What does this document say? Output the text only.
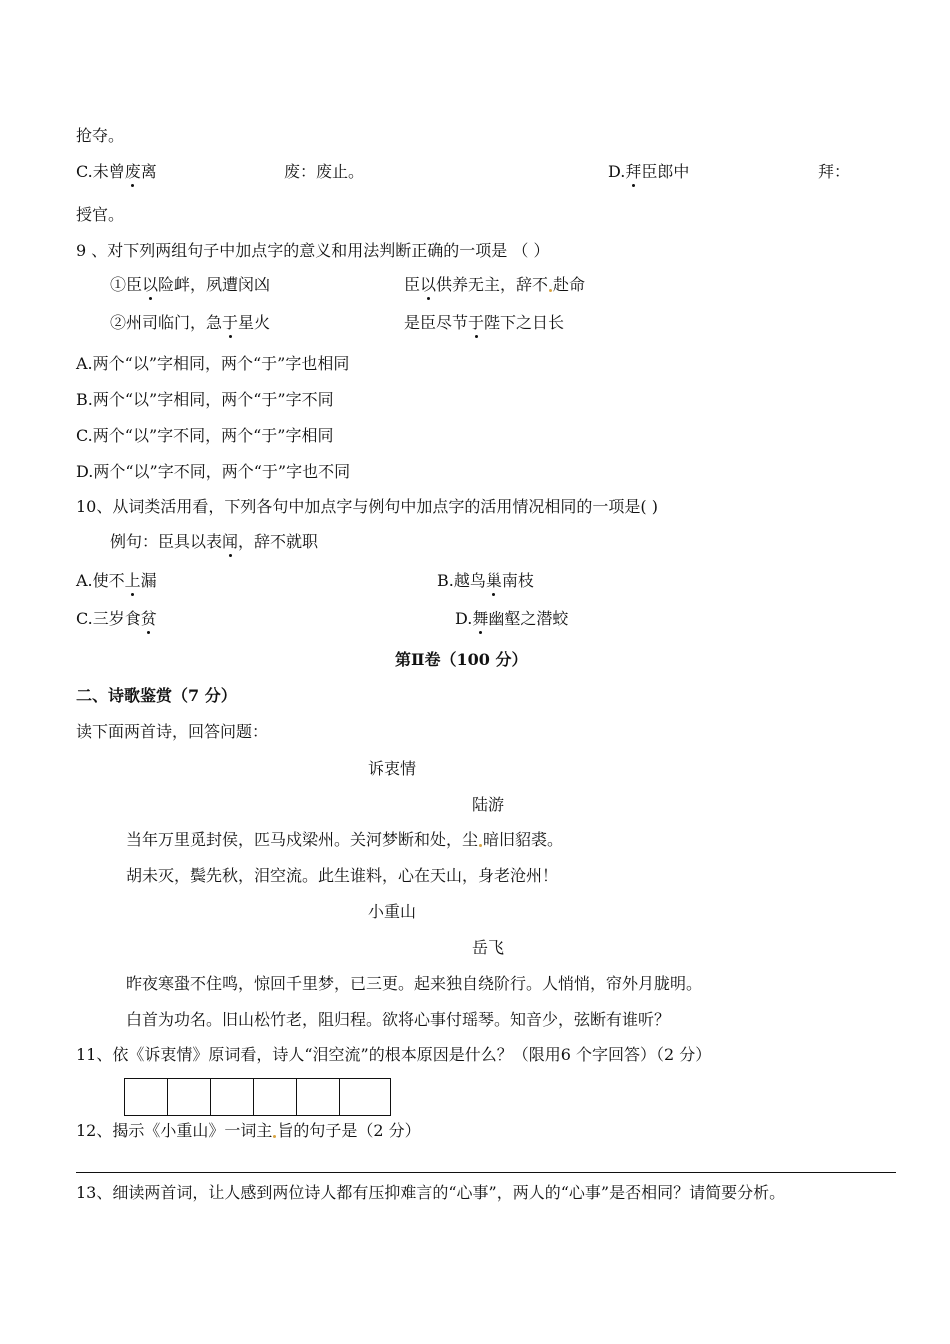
抢夺。
C.未曾废离	废：废止。	D.拜臣郎中	拜：
授官。
9 、对下列两组句子中加点字的意义和用法判断正确的一项是 （ ）
①臣以险衅，夙遭闵凶	臣以供养无主，辞不 赴命
②州司临门，急于星火	是臣尽节于陛下之日长
A.两个“以”字相同，两个“于”字也相同
B.两个“以”字相同，两个“于”字不同
C.两个“以”字不同，两个“于”字相同
D.两个“以”字不同，两个“于”字也不同
10、从词类活用看，下列各句中加点字与例句中加点字的活用情况相同的一项是( )
例句：臣具以表闻，辞不就职
A.使不上漏	B.越鸟巢南枝
C.三岁食贫	D.舞幽壑之潜蛟
第Ⅱ卷（100 分）
二、诗歌鉴赏（7 分）
读下面两首诗，回答问题：
诉衷情
陆游
当年万里觅封侯，匹马戍梁州。关河梦断和处，尘 暗旧貂裘。
胡未灭，鬓先秋，泪空流。此生谁料，心在天山，身老沧州！
小重山
岳飞
昨夜寒蛩不住鸣，惊回千里梦，已三更。起来独自绕阶行。人悄悄，帘外月胧明。
白首为功名。旧山松竹老，阻归程。欲将心事付瑶琴。知音少，弦断有谁听？
11、依《诉衷情》原词看，诗人“泪空流”的根本原因是什么？（限用6 个字回答）（2 分）
12、揭示《小重山》一词主 旨的句子是（2 分）
13、细读两首词，让人感到两位诗人都有压抑难言的“心事”，两人的“心事”是否相同？请简要分析。
